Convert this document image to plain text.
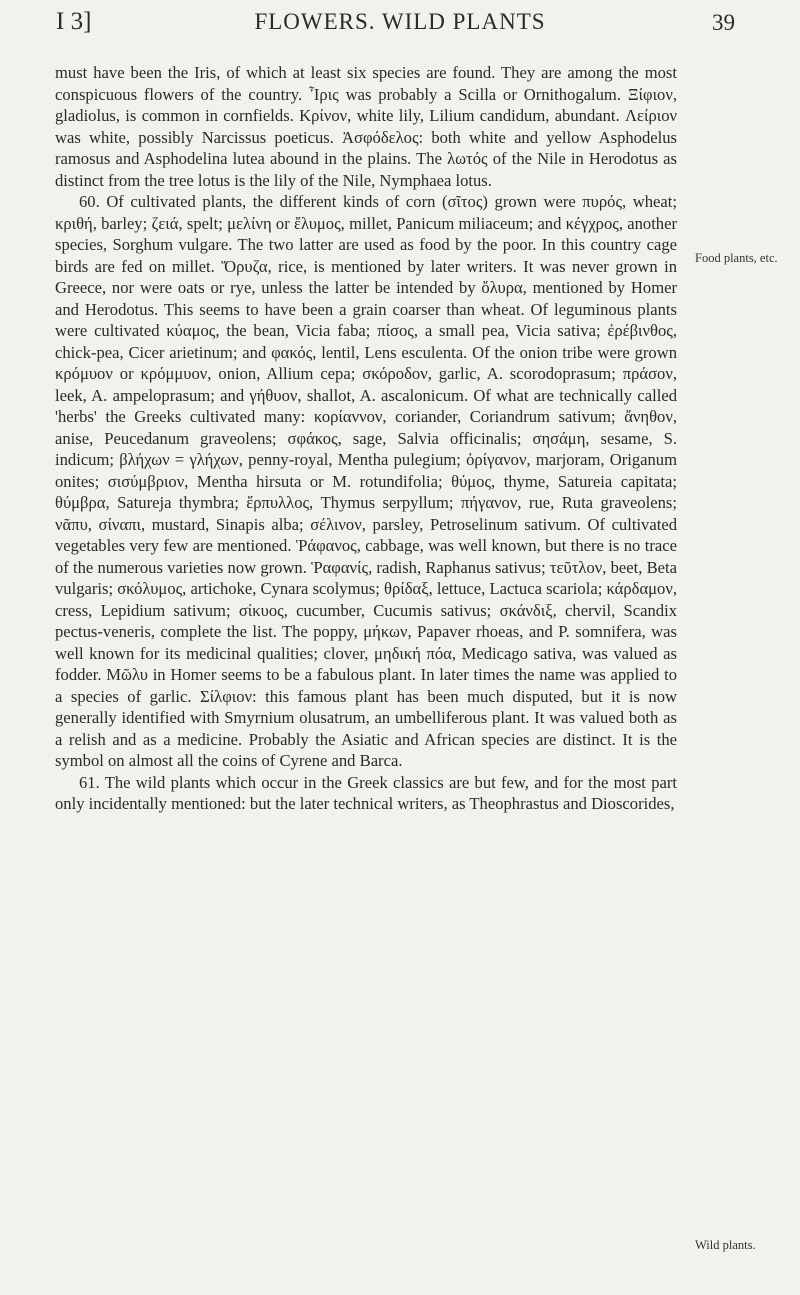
I 3]	FLOWERS. WILD PLANTS	39

must have been the Iris, of which at least six species are found. They are among the most conspicuous flowers of the country. Ἶρις was probably a Scilla or Ornithogalum. Ξίφιον, gladiolus, is common in cornfields. Κρίνον, white lily, Lilium candidum, abundant. Λείριον was white, possibly Narcissus poeticus. Ἀσφόδελος: both white and yellow Asphodelus ramosus and Asphodelina lutea abound in the plains. The λωτός of the Nile in Herodotus as distinct from the tree lotus is the lily of the Nile, Nymphaea lotus.

60. Of cultivated plants, the different kinds of corn (σῖτος) grown were πυρός, wheat; κριθή, barley; ζειά, spelt; μελίνη or ἔλυμος, millet, Panicum miliaceum; and κέγχρος, another species, Sorghum vulgare. The two latter are used as food by the poor. In this country cage birds are fed on millet. Ὄρυζα, rice, is mentioned by later writers. It was never grown in Greece, nor were oats or rye, unless the latter be intended by ὄλυρα, mentioned by Homer and Herodotus. This seems to have been a grain coarser than wheat. Of leguminous plants were cultivated κύαμος, the bean, Vicia faba; πίσος, a small pea, Vicia sativa; ἐρέβινθος, chick-pea, Cicer arietinum; and φακός, lentil, Lens esculenta. Of the onion tribe were grown κρόμυον or κρόμμυον, onion, Allium cepa; σκόροδον, garlic, A. scorodoprasum; πράσον, leek, A. ampeloprasum; and γήθυον, shallot, A. ascalonicum. Of what are technically called 'herbs' the Greeks cultivated many: κορίαννον, coriander, Coriandrum sativum; ἄνηθον, anise, Peucedanum graveolens; σφάκος, sage, Salvia officinalis; σησάμη, sesame, S. indicum; βλήχων = γλήχων, penny-royal, Mentha pulegium; ὀρίγανον, marjoram, Origanum onites; σισύμβριον, Mentha hirsuta or M. rotundifolia; θύμος, thyme, Satureia capitata; θύμβρα, Satureja thymbra; ἕρπυλλος, Thymus serpyllum; πήγανον, rue, Ruta graveolens; νᾶπυ, σίναπι, mustard, Sinapis alba; σέλινον, parsley, Petroselinum sativum. Of cultivated vegetables very few are mentioned. Ῥάφανος, cabbage, was well known, but there is no trace of the numerous varieties now grown. Ῥαφανίς, radish, Raphanus sativus; τεῦτλον, beet, Beta vulgaris; σκόλυμος, artichoke, Cynara scolymus; θρίδαξ, lettuce, Lactuca scariola; κάρδαμον, cress, Lepidium sativum; σίκυος, cucumber, Cucumis sativus; σκάνδιξ, chervil, Scandix pectus-veneris, complete the list. The poppy, μήκων, Papaver rhoeas, and P. somnifera, was well known for its medicinal qualities; clover, μηδική πόα, Medicago sativa, was valued as fodder. Μῶλυ in Homer seems to be a fabulous plant. In later times the name was applied to a species of garlic. Σίλφιον: this famous plant has been much disputed, but it is now generally identified with Smyrnium olusatrum, an umbelliferous plant. It was valued both as a relish and as a medicine. Probably the Asiatic and African species are distinct. It is the symbol on almost all the coins of Cyrene and Barca.

61. The wild plants which occur in the Greek classics are but few, and for the most part only incidentally mentioned: but the later technical writers, as Theophrastus and Dioscorides,

Food plants, etc.
Wild plants.
